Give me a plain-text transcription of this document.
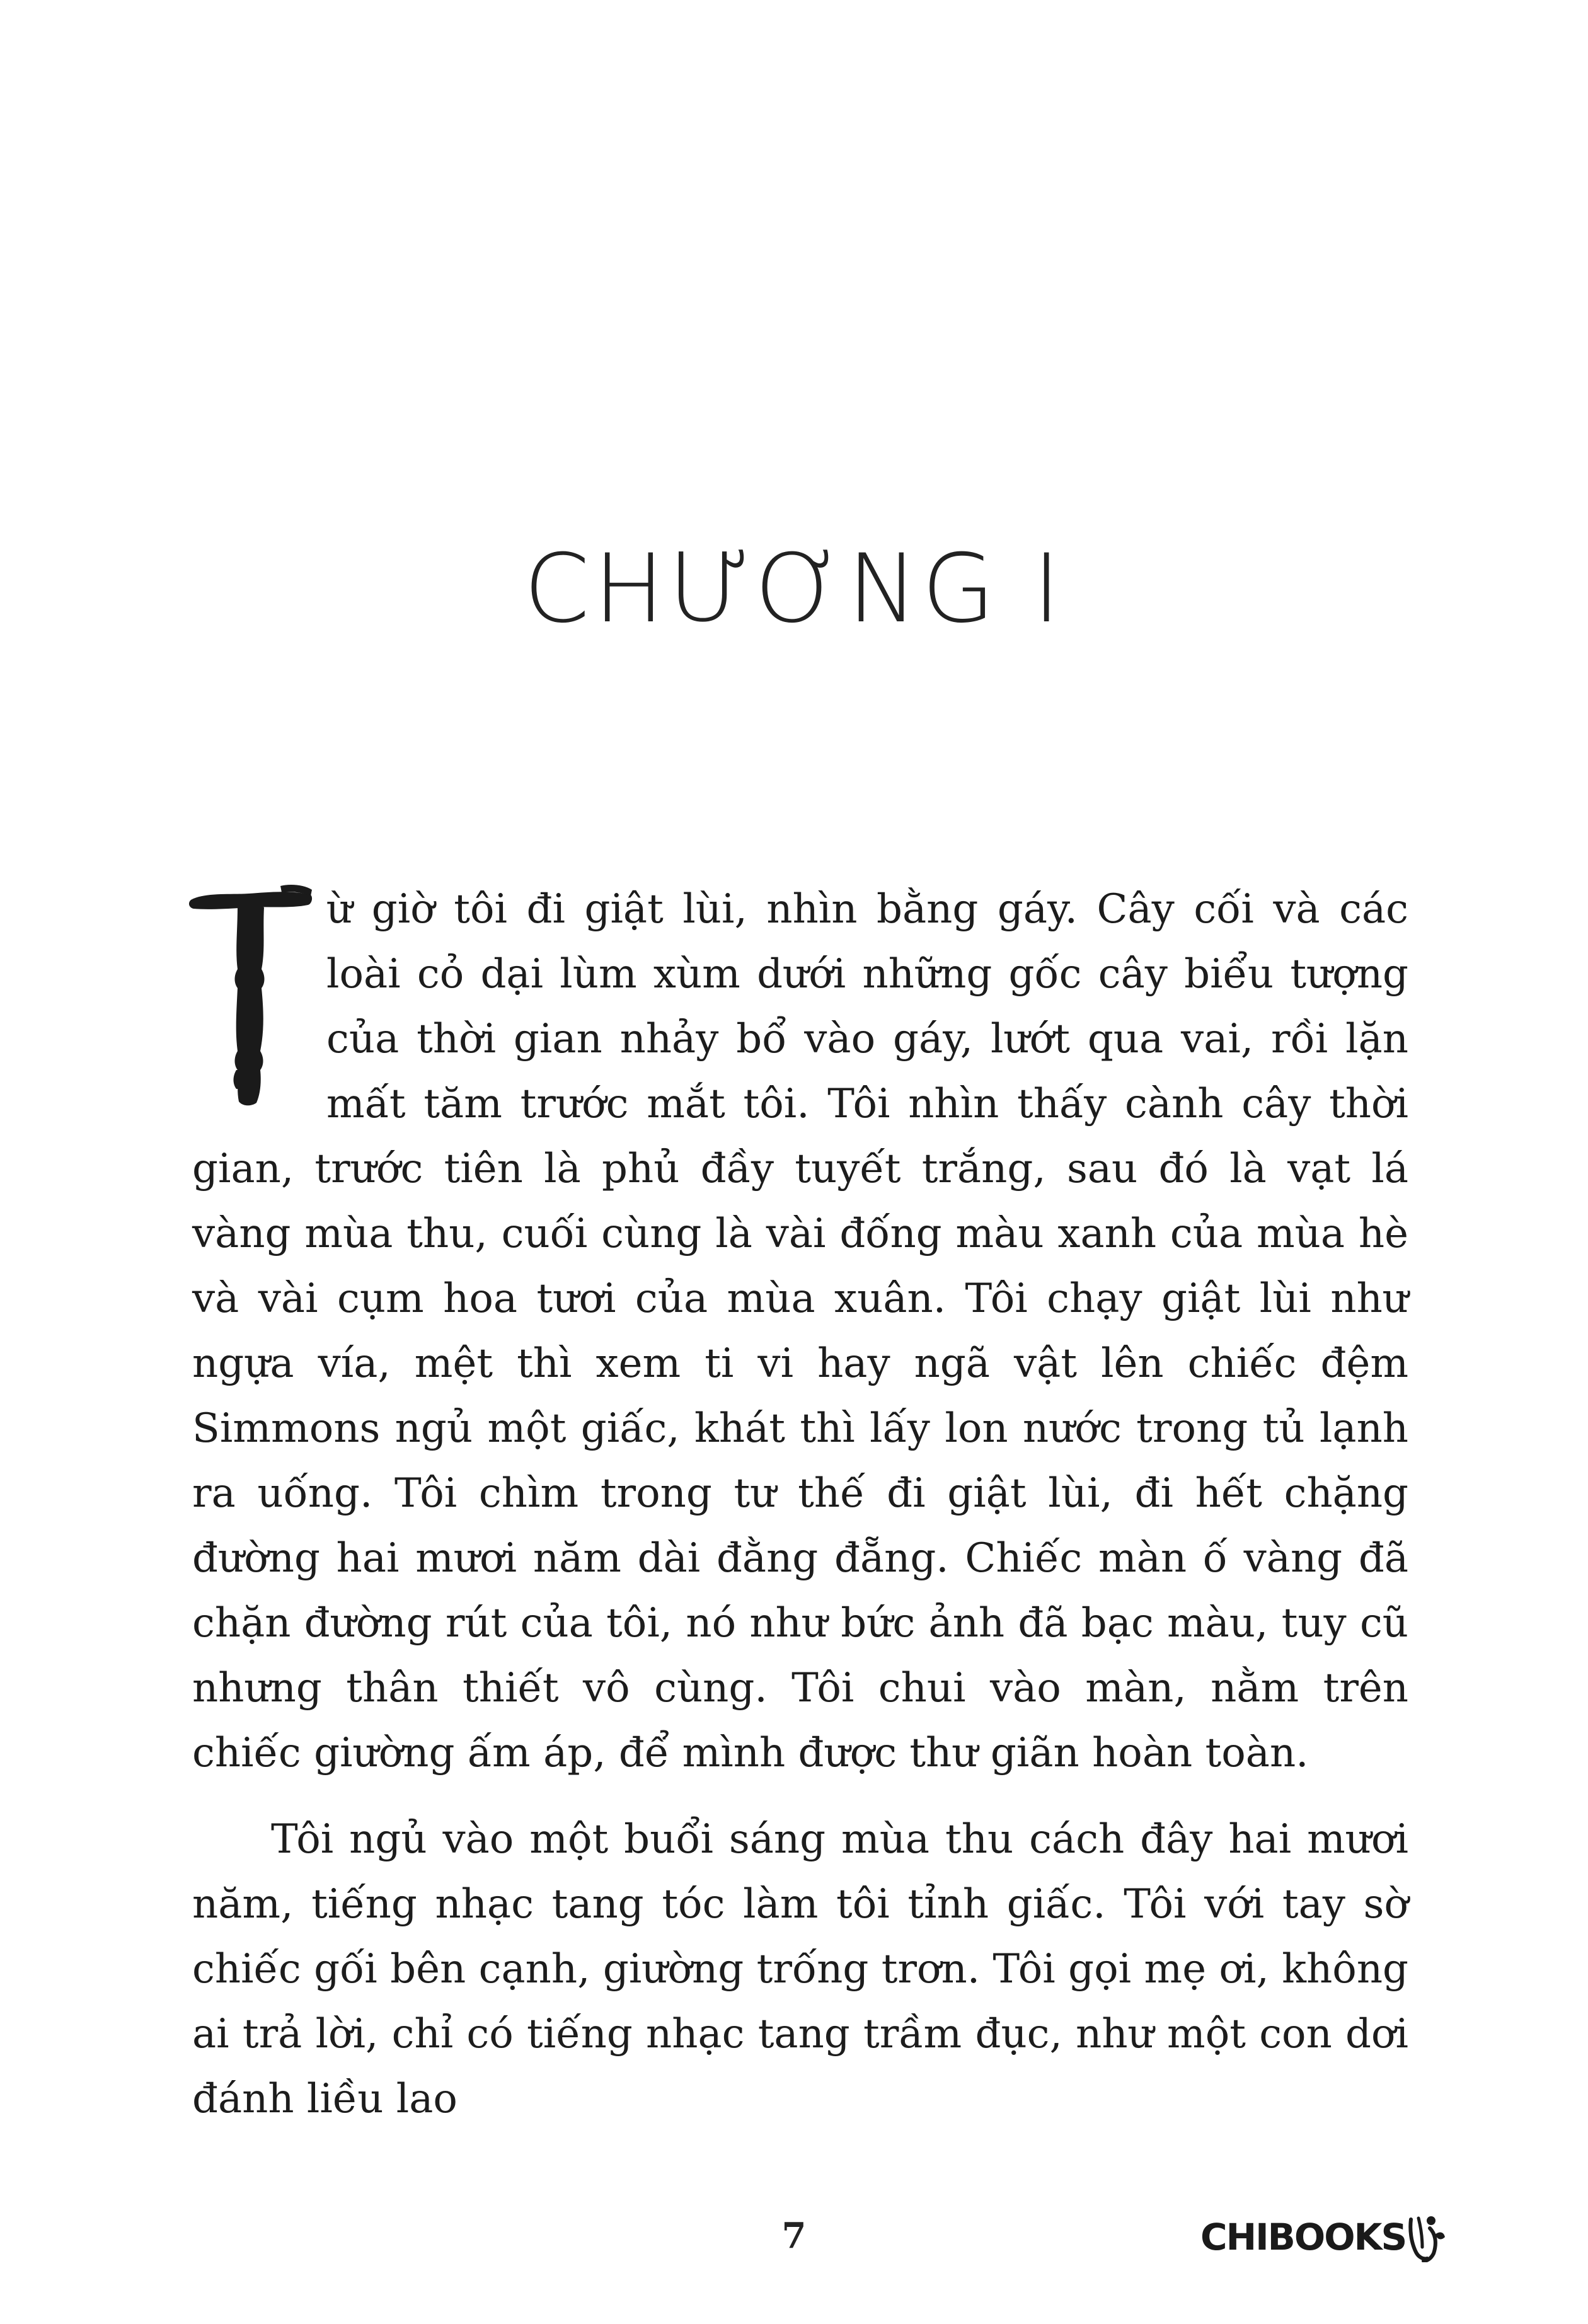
CHƯƠNG I

ừ giờ tôi đi giật lùi, nhìn bằng gáy. Cây cối và các loài cỏ dại lùm xùm dưới những gốc cây biểu tượng của thời gian nhảy bổ vào gáy, lướt qua vai, rồi lặn mất tăm trước mắt tôi. Tôi nhìn thấy cành cây thời gian, trước tiên là phủ đầy tuyết trắng, sau đó là vạt lá vàng mùa thu, cuối cùng là vài đống màu xanh của mùa hè và vài cụm hoa tươi của mùa xuân. Tôi chạy giật lùi như ngựa vía, mệt thì xem ti vi hay ngã vật lên chiếc đệm Simmons ngủ một giấc, khát thì lấy lon nước trong tủ lạnh ra uống. Tôi chìm trong tư thế đi giật lùi, đi hết chặng đường hai mươi năm dài đằng đẵng. Chiếc màn ố vàng đã chặn đường rút của tôi, nó như bức ảnh đã bạc màu, tuy cũ nhưng thân thiết vô cùng. Tôi chui vào màn, nằm trên chiếc giường ấm áp, để mình được thư giãn hoàn toàn.

Tôi ngủ vào một buổi sáng mùa thu cách đây hai mươi năm, tiếng nhạc tang tóc làm tôi tỉnh giấc. Tôi với tay sờ chiếc gối bên cạnh, giường trống trơn. Tôi gọi mẹ ơi, không ai trả lời, chỉ có tiếng nhạc tang trầm đục, như một con dơi đánh liều lao

7	CHIBOOKS
